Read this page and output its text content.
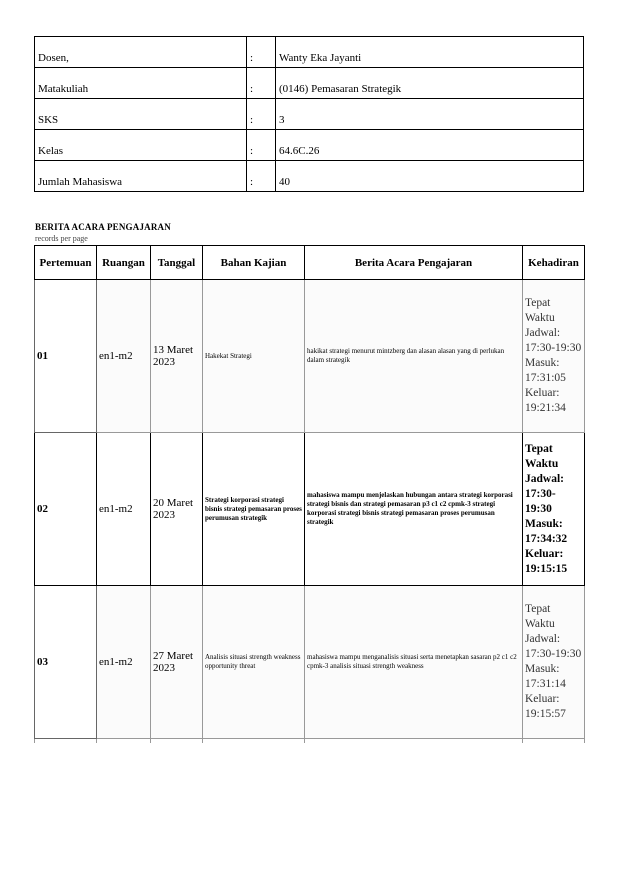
Dosen,	:	Wanty Eka Jayanti
Matakuliah	:	(0146) Pemasaran Strategik
SKS	:	3
Kelas	:	64.6C.26
Jumlah Mahasiswa	:	40
BERITA ACARA PENGAJARAN
records per page
Pertemuan	Ruangan	Tanggal	Bahan Kajian	Berita Acara Pengajaran	Kehadiran
01	en1-m2	13 Maret 2023	Hakekat Strategi	hakikat strategi menurut mintzberg dan alasan alasan yang di perlukan dalam strategik	Tepat Waktu Jadwal: 17:30-19:30 Masuk: 17:31:05 Keluar: 19:21:34
02	en1-m2	20 Maret 2023	Strategi korporasi strategi bisnis strategi pemasaran proses perumusan strategik	mahasiswa mampu menjelaskan hubungan antara strategi korporasi strategi bisnis dan strategi pemasaran p3 c1 c2 cpmk-3 strategi korporasi strategi bisnis strategi pemasaran proses perumusan strategik	Tepat Waktu Jadwal: 17:30-19:30 Masuk: 17:34:32 Keluar: 19:15:15
03	en1-m2	27 Maret 2023	Analisis situasi strength weakness opportunity threat	mahasiswa mampu menganalisis situasi serta menetapkan sasaran p2 c1 c2 cpmk-3 analisis situasi strength weakness	Tepat Waktu Jadwal: 17:30-19:30 Masuk: 17:31:14 Keluar: 19:15:57
